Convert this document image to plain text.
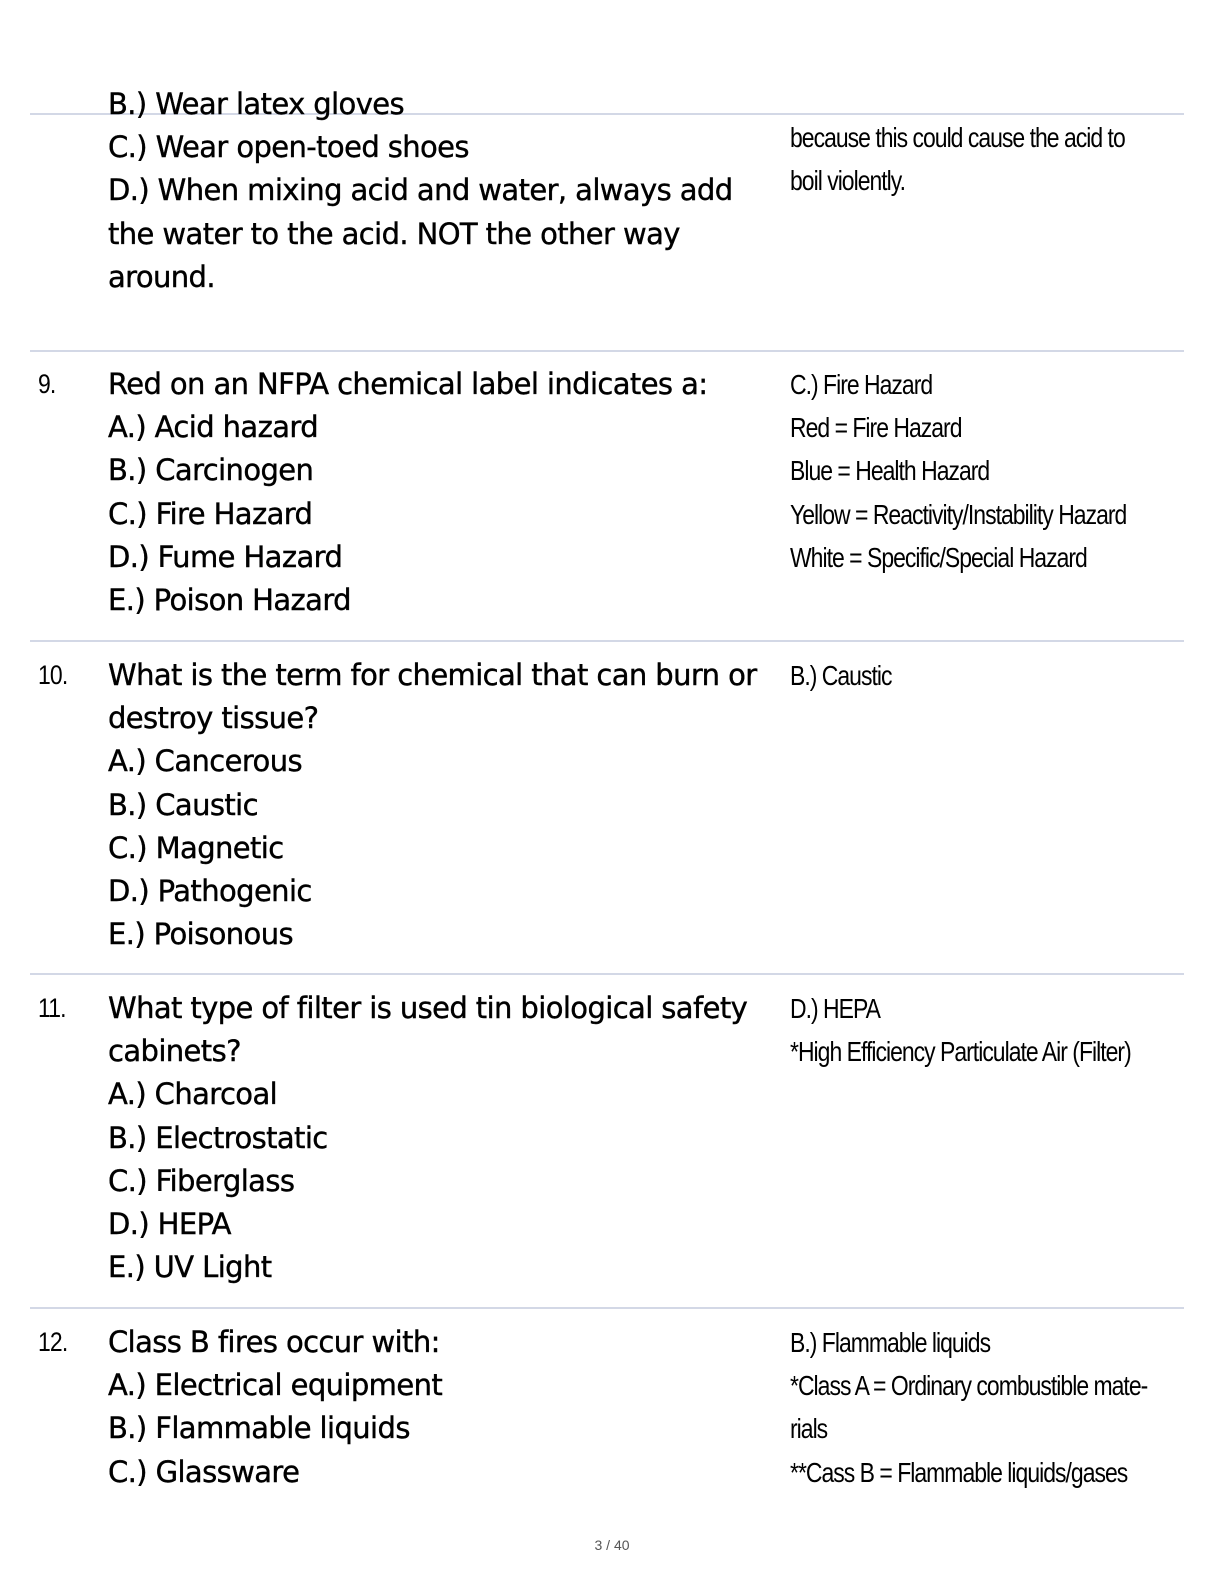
B.) Wear latex gloves
C.) Wear open-toed shoes
D.) When mixing acid and water, always add
the water to the acid. NOT the other way
around.
because this could cause the acid to
boil violently.
9. Red on an NFPA chemical label indicates a:
A.) Acid hazard
B.) Carcinogen
C.) Fire Hazard
D.) Fume Hazard
E.) Poison Hazard
C.) Fire Hazard
Red = Fire Hazard
Blue = Health Hazard
Yellow = Reactivity/Instability Hazard
White = Specific/Special Hazard
10. What is the term for chemical that can burn or
destroy tissue?
A.) Cancerous
B.) Caustic
C.) Magnetic
D.) Pathogenic
E.) Poisonous
B.) Caustic
11. What type of filter is used tin biological safety
cabinets?
A.) Charcoal
B.) Electrostatic
C.) Fiberglass
D.) HEPA
E.) UV Light
D.) HEPA
*High Efficiency Particulate Air (Filter)
12. Class B fires occur with:
A.) Electrical equipment
B.) Flammable liquids
C.) Glassware
B.) Flammable liquids
*Class A = Ordinary combustible mate-
rials
**Cass B = Flammable liquids/gases
3 / 40
